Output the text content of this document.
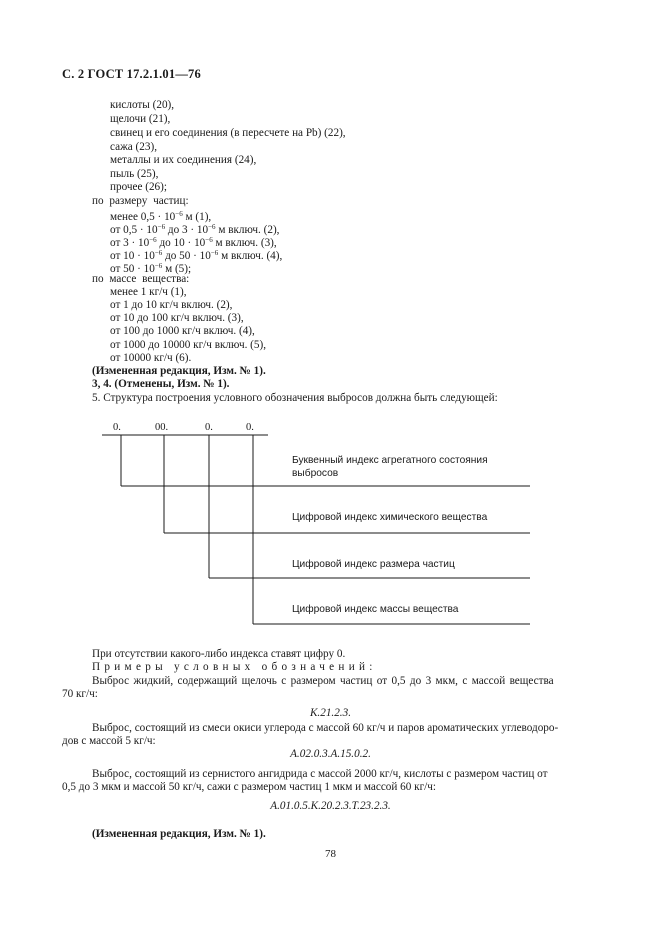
С. 2 ГОСТ 17.2.1.01—76
кислоты (20),
щелочи (21),
свинец и его соединения (в пересчете на Pb) (22),
сажа (23),
металлы и их соединения (24),
пыль (25),
прочее (26);
по размеру частиц:
менее $0,5 \cdot 10^{-6}$ м (1),
от $0,5 \cdot 10^{-6}$ до $3 \cdot 10^{-6}$ м включ. (2),
от $3 \cdot 10^{-6}$ до $10 \cdot 10^{-6}$ м включ. (3),
от $10 \cdot 10^{-6}$ до $50 \cdot 10^{-6}$ м включ. (4),
от $50 \cdot 10^{-6}$ м (5);
по массе вещества:
менее 1 кг/ч (1),
от 1 до 10 кг/ч включ. (2),
от 10 до 100 кг/ч включ. (3),
от 100 до 1000 кг/ч включ. (4),
от 1000 до 10000 кг/ч включ. (5),
от 10000 кг/ч (6).
(Измененная редакция, Изм. № 1).
3, 4. (Отменены, Изм. № 1).
5. Структура построения условного обозначения выбросов должна быть следующей:
0.	00.	0.	0.
Буквенный индекс агрегатного состояния
выбросов
Цифровой индекс химического вещества
Цифровой индекс размера частиц
Цифровой индекс массы вещества
При отсутствии какого-либо индекса ставят цифру 0.
Примеры условных обозначений:
Выброс жидкий, содержащий щелочь с размером частиц от 0,5 до 3 мкм, с массой вещества
70 кг/ч:
К.21.2.3.
Выброс, состоящий из смеси окиси углерода с массой 60 кг/ч и паров ароматических углеводоро-
дов с массой 5 кг/ч:
А.02.0.3.А.15.0.2.
Выброс, состоящий из сернистого ангидрида с массой 2000 кг/ч, кислоты с размером частиц от
0,5 до 3 мкм и массой 50 кг/ч, сажи с размером частиц 1 мкм и массой 60 кг/ч:
А.01.0.5.К.20.2.3.Т.23.2.3.
(Измененная редакция, Изм. № 1).
78
